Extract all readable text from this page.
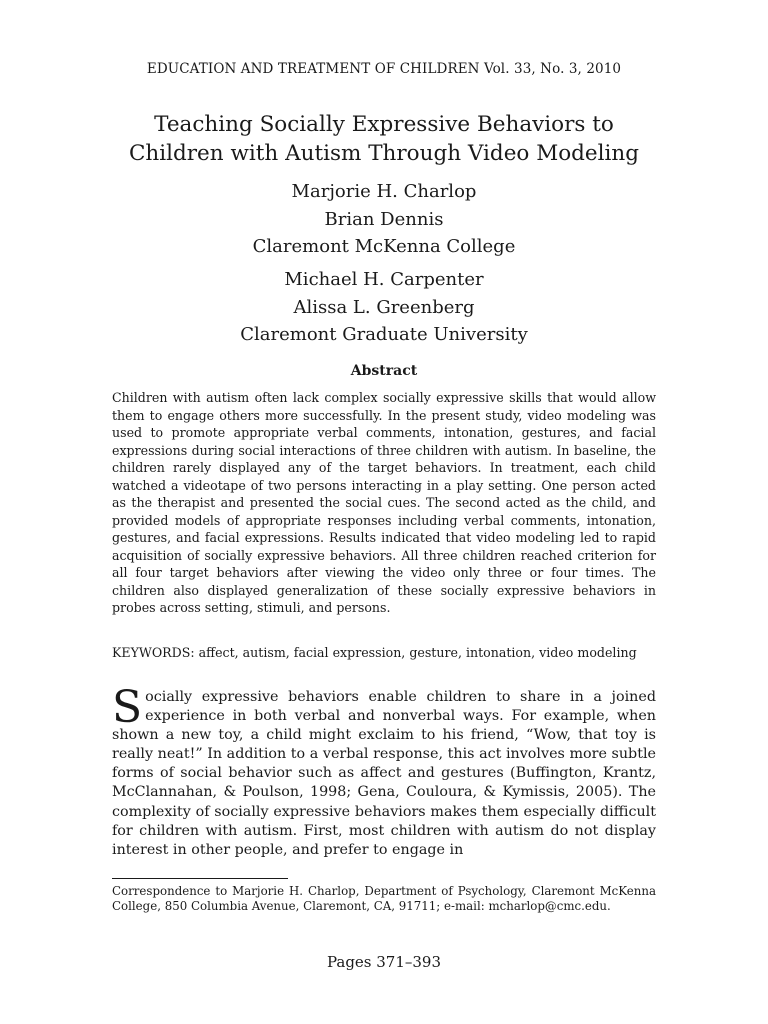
EDUCATION AND TREATMENT OF CHILDREN Vol. 33, No. 3, 2010
Teaching Socially Expressive Behaviors to
Children with Autism Through Video Modeling
Marjorie H. Charlop
Brian Dennis
Claremont McKenna College
Michael H. Carpenter
Alissa L. Greenberg
Claremont Graduate University
Abstract

Children with autism often lack complex socially expressive skills that would allow them to engage others more successfully. In the present study, video modeling was used to promote appropriate verbal comments, intonation, gestures, and facial expressions during social interactions of three children with autism. In baseline, the children rarely displayed any of the target behaviors. In treatment, each child watched a videotape of two persons interacting in a play setting. One person acted as the therapist and presented the social cues. The second acted as the child, and provided models of appropriate responses including verbal comments, intonation, gestures, and facial expressions. Results indicated that video modeling led to rapid acquisition of socially expressive behaviors. All three children reached criterion for all four target behaviors after viewing the video only three or four times. The children also displayed generalization of these socially expressive behaviors in probes across setting, stimuli, and persons.

KEYWORDS: affect, autism, facial expression, gesture, intonation, video modeling

Socially expressive behaviors enable children to share in a joined experience in both verbal and nonverbal ways. For example, when shown a new toy, a child might exclaim to his friend, “Wow, that toy is really neat!” In addition to a verbal response, this act involves more subtle forms of social behavior such as affect and gestures (Buffington, Krantz, McClannahan, & Poulson, 1998; Gena, Couloura, & Kymissis, 2005). The complexity of socially expressive behaviors makes them especially difficult for children with autism. First, most children with autism do not display interest in other people, and prefer to engage in

Correspondence to Marjorie H. Charlop, Department of Psychology, Claremont McKenna College, 850 Columbia Avenue, Claremont, CA, 91711; e-mail: mcharlop@cmc.edu.

Pages 371–393
